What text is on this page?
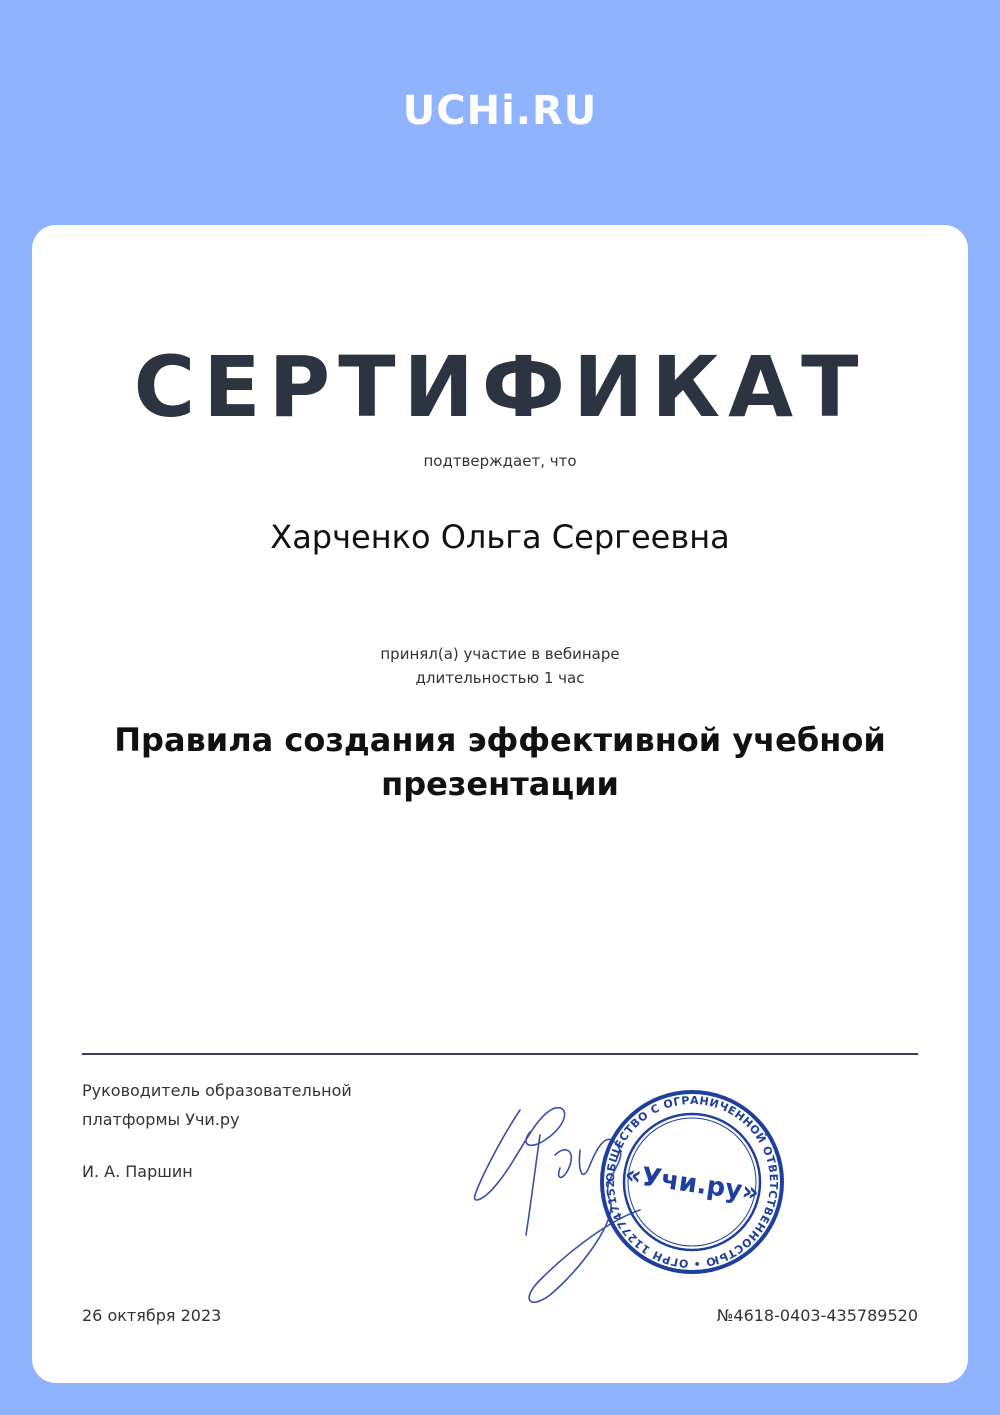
UCHi.RU
СЕРТИФИКАТ
подтверждает, что
Харченко Ольга Сергеевна
принял(а) участие в вебинаре
длительностью 1 час
Правила создания эффективной учебной презентации
Руководитель образовательной
платформы Учи.ру
И. А. Паршин	ОБЩЕСТВО С ОГРАНИЧЕННОЙ ОТВЕТСТВЕННОСТЬЮ • ОГРН 1127747152 «Учи.ру»
26 октября 2023	№4618-0403-435789520
